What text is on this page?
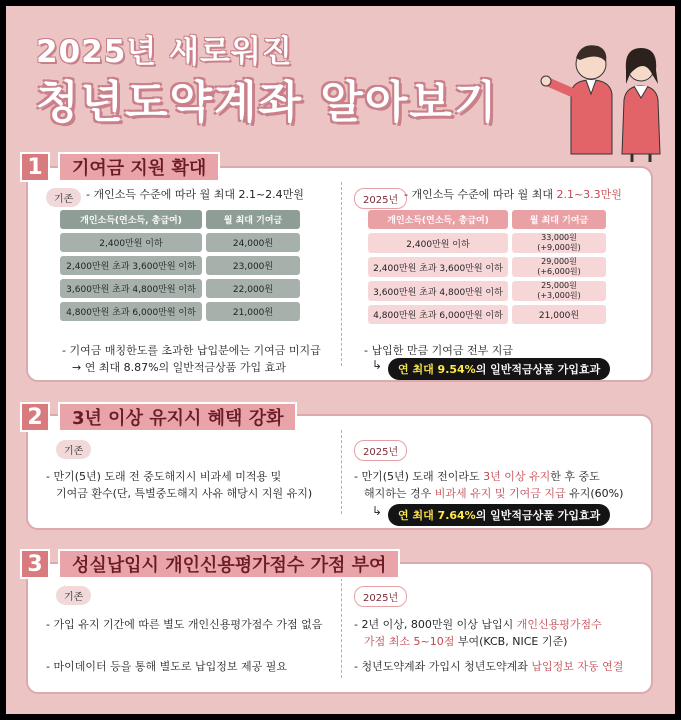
2025년 새로워진
청년도약계좌 알아보기
기존	- 개인소득 수준에 따라 월 최대 2.1~2.4만원
개인소득(연소득, 총급여)	월 최대 기여금
2,400만원 이하	24,000원
2,400만원 초과 3,600만원 이하	23,000원
3,600만원 초과 4,800만원 이하	22,000원
4,800만원 초과 6,000만원 이하	21,000원
- 기여금 매칭한도를 초과한 납입분에는 기여금 미지급
→ 연 최대 8.87%의 일반적금상품 가입 효과
2025년 - 개인소득 수준에 따라 월 최대 2.1~3.3만원
개인소득(연소득, 총급여)	월 최대 기여금
2,400만원 이하	33,000원
(+9,000원)

2,400만원 초과 3,600만원 이하	29,000원
(+6,000원)

3,600만원 초과 4,800만원 이하	25,000원
(+3,000원)

4,800만원 초과 6,000만원 이하	21,000원
- 납입한 만큼 기여금 전부 지급
↳	연 최대 9.54%의 일반적금상품 가입효과
1	기여금 지원 확대
기존
- 만기(5년) 도래 전 중도해지시 비과세 미적용 및
기여금 환수(단, 특별중도해지 사유 해당시 지원 유지)
2025년
- 만기(5년) 도래 전이라도 3년 이상 유지한 후 중도
해지하는 경우 비과세 유지 및 기여금 지급 유지(60%)
↳	연 최대 7.64%의 일반적금상품 가입효과
2	3년 이상 유지시 혜택 강화
기존
- 가입 유지 기간에 따른 별도 개인신용평가점수 가점 없음
- 마이데이터 등을 통해 별도로 납입정보 제공 필요
2025년
- 2년 이상, 800만원 이상 납입시 개인신용평가점수
가점 최소 5~10점 부여(KCB, NICE 기준)
- 청년도약계좌 가입시 청년도약계좌 납입정보 자동 연결
3	성실납입시 개인신용평가점수 가점 부여
